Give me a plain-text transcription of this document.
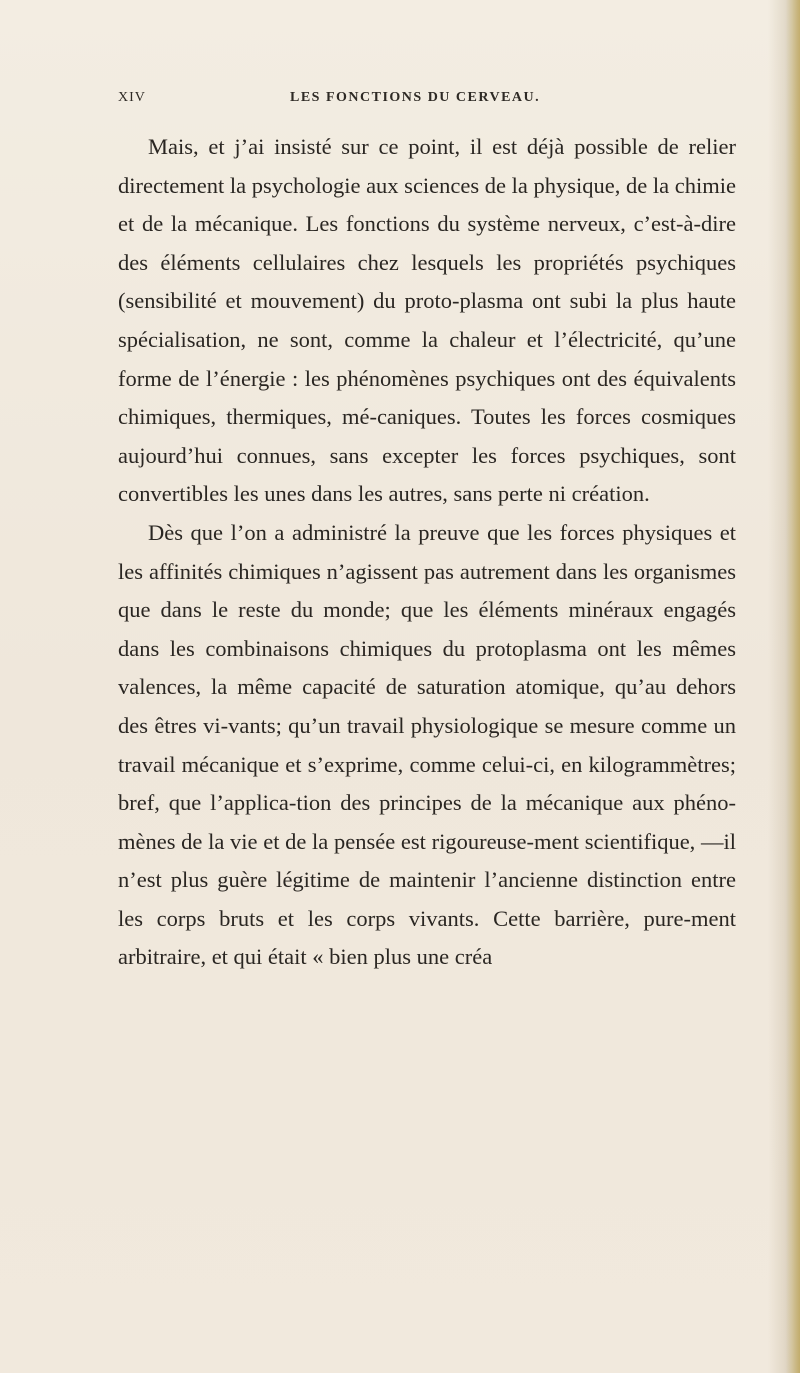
XIV	LES FONCTIONS DU CERVEAU.

Mais, et j’ai insisté sur ce point, il est déjà possible de relier directement la psychologie aux sciences de la physique, de la chimie et de la mécanique. Les fonctions du système nerveux, c’est-à-dire des éléments cellulaires chez lesquels les propriétés psychiques (sensibilité et mouvement) du proto-plasma ont subi la plus haute spécialisation, ne sont, comme la chaleur et l’électricité, qu’une forme de l’énergie : les phénomènes psychiques ont des équivalents chimiques, thermiques, mé-caniques. Toutes les forces cosmiques aujourd’hui connues, sans excepter les forces psychiques, sont convertibles les unes dans les autres, sans perte ni création.

Dès que l’on a administré la preuve que les forces physiques et les affinités chimiques n’agissent pas autrement dans les organismes que dans le reste du monde; que les éléments minéraux engagés dans les combinaisons chimiques du protoplasma ont les mêmes valences, la même capacité de saturation atomique, qu’au dehors des êtres vi-vants; qu’un travail physiologique se mesure comme un travail mécanique et s’exprime, comme celui-ci, en kilogrammètres; bref, que l’applica-tion des principes de la mécanique aux phéno-mènes de la vie et de la pensée est rigoureuse-ment scientifique, —il n’est plus guère légitime de maintenir l’ancienne distinction entre les corps bruts et les corps vivants. Cette barrière, pure-ment arbitraire, et qui était « bien plus une créa
